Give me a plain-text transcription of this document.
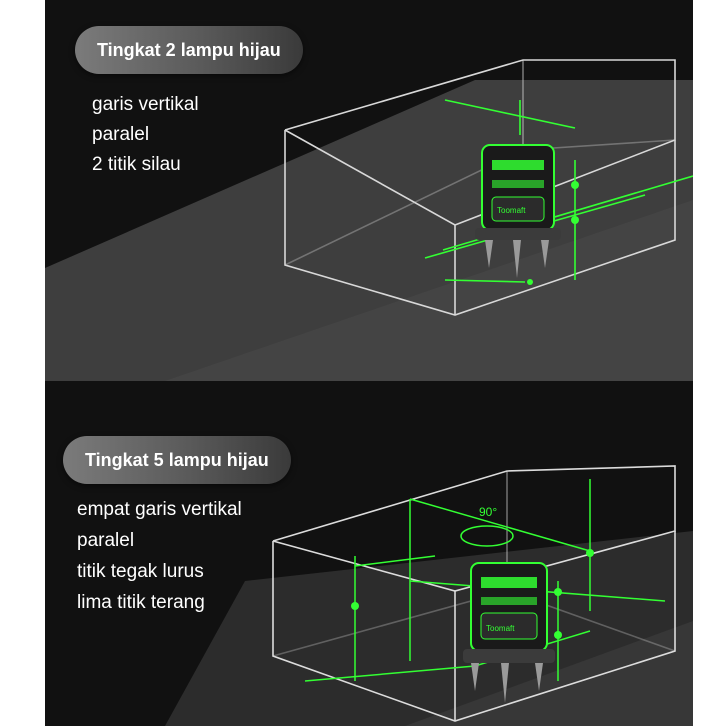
Toomaft
Tingkat 2 lampu hijau
garis vertikal
paralel
2 titik silau
90°
Toomaft
Tingkat 5 lampu hijau
empat garis vertikal
paralel
titik tegak lurus
lima titik terang
